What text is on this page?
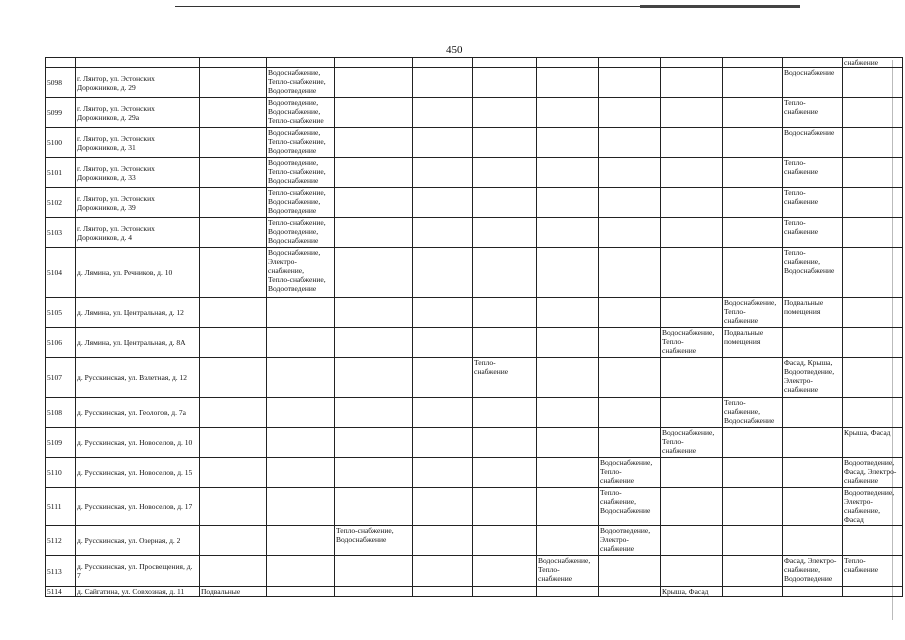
450
												снабжение
5098	г. Лянтор, ул. Эстонских Дорожников, д. 29		Водоснабжение,
Тепло-снабжение,
Водоотведение								Водоснабжение	
5099	г. Лянтор, ул. Эстонских Дорожников, д. 29а		Водоотведение,
Водоснабжение,
Тепло-снабжение								Тепло-
снабжение	
5100	г. Лянтор, ул. Эстонских Дорожников, д. 31		Водоснабжение,
Тепло-снабжение,
Водоотведение								Водоснабжение	
5101	г. Лянтор, ул. Эстонских Дорожников, д. 33		Водоотведение,
Тепло-снабжение,
Водоснабжение								Тепло-
снабжение	
5102	г. Лянтор, ул. Эстонских Дорожников, д. 39		Тепло-снабжение,
Водоснабжение,
Водоотведение								Тепло-
снабжение	
5103	г. Лянтор, ул. Эстонских Дорожников, д. 4		Тепло-снабжение,
Водоотведение,
Водоснабжение								Тепло-
снабжение	
5104	д. Лямина, ул. Речников, д. 10		Водоснабжение,
Электро-
снабжение,
Тепло-снабжение,
Водоотведение								Тепло-
снабжение,
Водоснабжение	
5105	д. Лямина, ул. Центральная, д. 12									Водоснабжение,
Тепло-
снабжение	Подвальные
помещения	
5106	д. Лямина, ул. Центральная, д. 8А								Водоснабжение,
Тепло-
снабжение	Подвальные
помещения		
5107	д. Русскинская, ул. Взлетная, д. 12					Тепло-
снабжение					Фасад, Крыша,
Водоотведение,
Электро-
снабжение	
5108	д. Русскинская, ул. Геологов, д. 7а									Тепло-
снабжение,
Водоснабжение		
5109	д. Русскинская, ул. Новоселов, д. 10								Водоснабжение,
Тепло-
снабжение			Крыша, Фасад
5110	д. Русскинская, ул. Новоселов, д. 15							Водоснабжение,
Тепло-
снабжение				Водоотведение,
Фасад, Электро-
снабжение
5111	д. Русскинская, ул. Новоселов, д. 17							Тепло-
снабжение,
Водоснабжение				Водоотведение,
Электро-
снабжение,
Фасад
5112	д. Русскинская, ул. Озерная, д. 2			Тепло-снабжение,
Водоснабжение				Водоотведение,
Электро-
снабжение				
5113	д. Русскинская, ул. Просвещения, д. 7						Водоснабжение,
Тепло-
снабжение				Фасад, Электро-
снабжение,
Водоотведение	Тепло-
снабжение
5114	д. Сайгатина, ул. Совхозная, д. 11	Подвальные							Крыша, Фасад			
